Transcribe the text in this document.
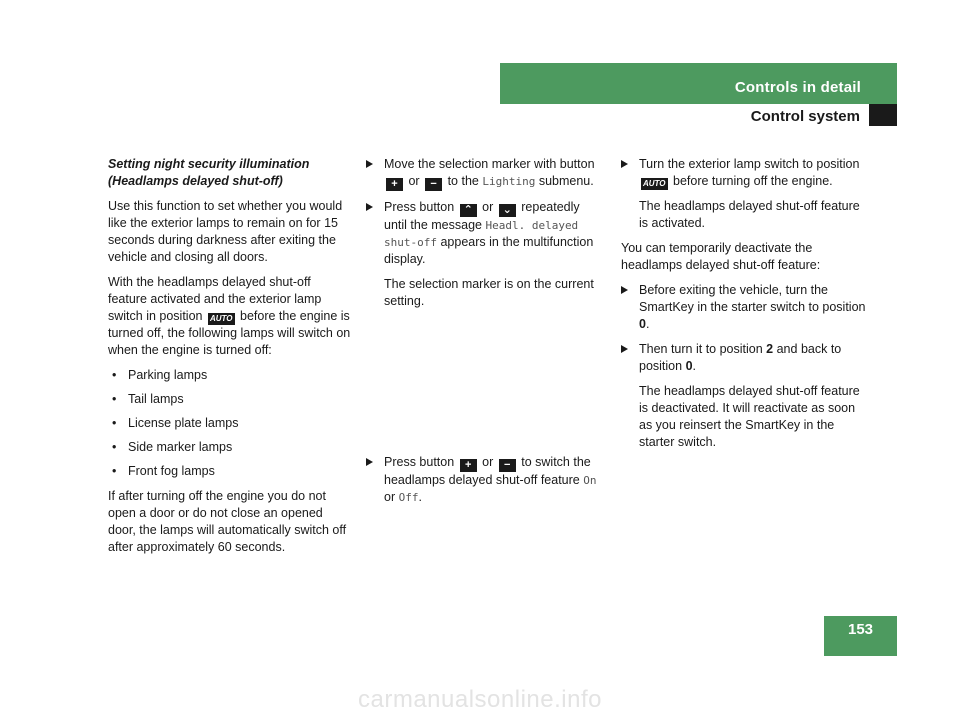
Controls in detail
Control system

Setting night security illumination (Headlamps delayed shut-off)

Use this function to set whether you would like the exterior lamps to remain on for 15 seconds during darkness after exiting the vehicle and closing all doors.

With the headlamps delayed shut-off feature activated and the exterior lamp switch in position AUTO before the engine is turned off, the following lamps will switch on when the engine is turned off:

• Parking lamps
• Tail lamps
• License plate lamps
• Side marker lamps
• Front fog lamps

If after turning off the engine you do not open a door or do not close an opened door, the lamps will automatically switch off after approximately 60 seconds.

Move the selection marker with button + or − to the Lighting submenu.
Press button ⌃ or ⌄ repeatedly until the message Headl. delayed shut-off appears in the multifunction display.
The selection marker is on the current setting.
Press button + or − to switch the headlamps delayed shut-off feature On or Off.
Turn the exterior lamp switch to position AUTO before turning off the engine.
The headlamps delayed shut-off feature is activated.

You can temporarily deactivate the headlamps delayed shut-off feature:

Before exiting the vehicle, turn the SmartKey in the starter switch to position 0.
Then turn it to position 2 and back to position 0.
The headlamps delayed shut-off feature is deactivated. It will reactivate as soon as you reinsert the SmartKey in the starter switch.
153
carmanualsonline.info
